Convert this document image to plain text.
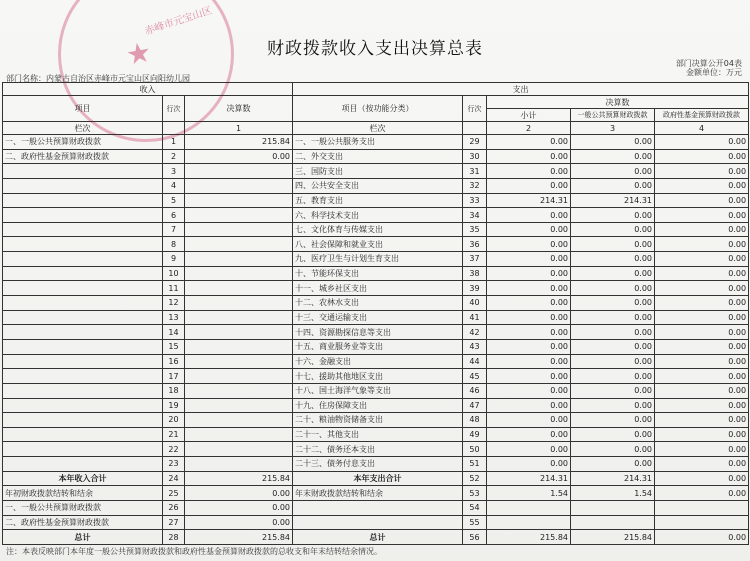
赤峰市元宝山区
★	财政拨款收入支出决算总表
部门决算公开04表
金额单位：万元
部门名称：内蒙古自治区赤峰市元宝山区向阳幼儿园
收入			支出				
项目	行次	决算数	项目（按功能分类）	行次	决算数		
					小计	一般公共预算财政拨款	政府性基金预算财政拨款

栏次		1	栏次		2	3	4
一、一般公共预算财政拨款	1	215.84	一、一般公共服务支出	29	0.00	0.00	0.00
二、政府性基金预算财政拨款	2	0.00	二、外交支出	30	0.00	0.00	0.00
	3		三、国防支出	31	0.00	0.00	0.00
	4		四、公共安全支出	32	0.00	0.00	0.00
	5		五、教育支出	33	214.31	214.31	0.00
	6		六、科学技术支出	34	0.00	0.00	0.00
	7		七、文化体育与传媒支出	35	0.00	0.00	0.00
	8		八、社会保障和就业支出	36	0.00	0.00	0.00
	9		九、医疗卫生与计划生育支出	37	0.00	0.00	0.00
	10		十、节能环保支出	38	0.00	0.00	0.00
	11		十一、城乡社区支出	39	0.00	0.00	0.00
	12		十二、农林水支出	40	0.00	0.00	0.00
	13		十三、交通运输支出	41	0.00	0.00	0.00
	14		十四、资源勘探信息等支出	42	0.00	0.00	0.00
	15		十五、商业服务业等支出	43	0.00	0.00	0.00
	16		十六、金融支出	44	0.00	0.00	0.00
	17		十七、援助其他地区支出	45	0.00	0.00	0.00
	18		十八、国土海洋气象等支出	46	0.00	0.00	0.00
	19		十九、住房保障支出	47	0.00	0.00	0.00
	20		二十、粮油物资储备支出	48	0.00	0.00	0.00
	21		二十一、其他支出	49	0.00	0.00	0.00
	22		二十二、债务还本支出	50	0.00	0.00	0.00
	23		二十三、债务付息支出	51	0.00	0.00	0.00
本年收入合计	24	215.84	本年支出合计	52	214.31	214.31	0.00
年初财政拨款结转和结余	25	0.00	年末财政拨款结转和结余	53	1.54	1.54	0.00
一、一般公共预算财政拨款	26	0.00		54			
二、政府性基金预算财政拨款	27	0.00		55			
总计	28	215.84	总计	56	215.84	215.84	0.00
注：本表反映部门本年度一般公共预算财政拨款和政府性基金预算财政拨款的总收支和年末结转结余情况。
